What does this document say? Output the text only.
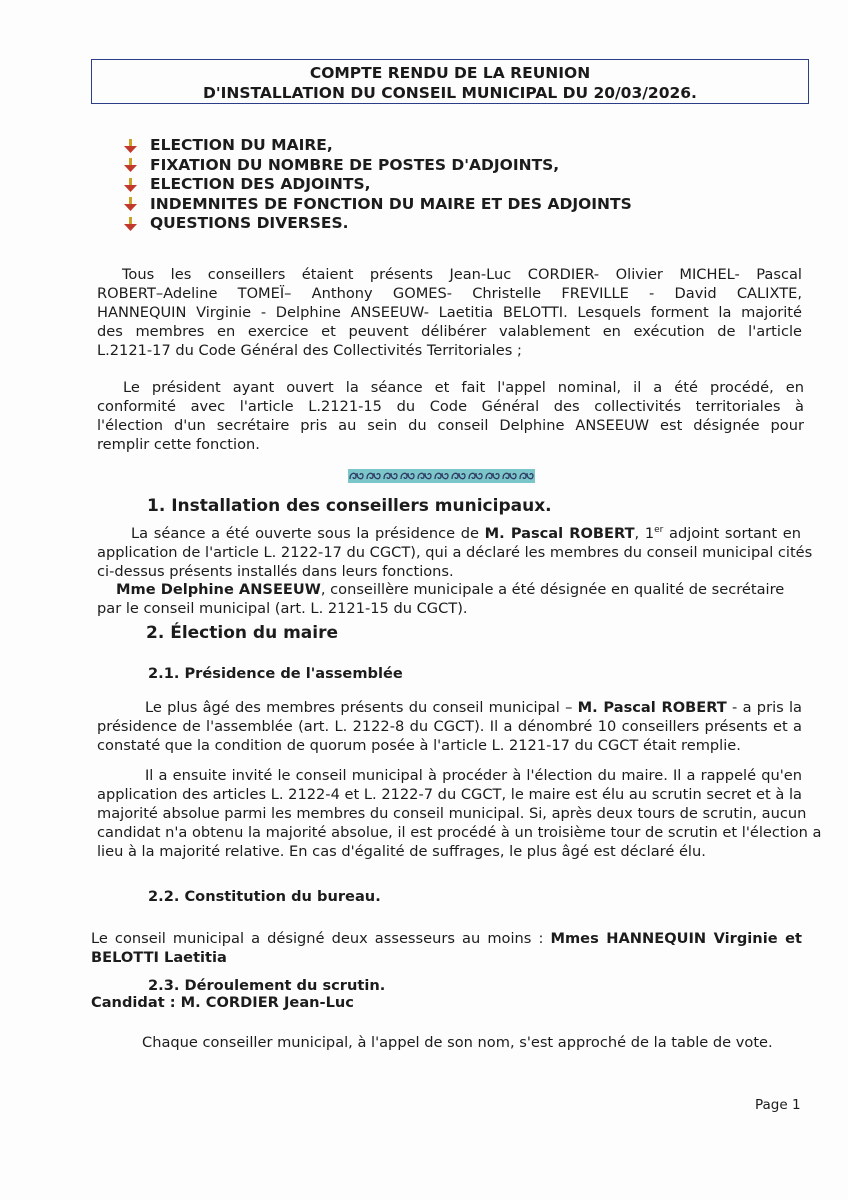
COMPTE RENDU DE LA REUNION
D'INSTALLATION DU CONSEIL MUNICIPAL DU 20/03/2026.
ELECTION DU MAIRE,
FIXATION DU NOMBRE DE POSTES D'ADJOINTS,
ELECTION DES ADJOINTS,
INDEMNITES DE FONCTION DU MAIRE ET DES ADJOINTS
QUESTIONS DIVERSES.
Tous les conseillers étaient présents Jean-Luc CORDIER- Olivier MICHEL- Pascal
ROBERT–Adeline TOMEÏ– Anthony GOMES- Christelle FREVILLE - David CALIXTE,
HANNEQUIN Virginie - Delphine ANSEEUW- Laetitia BELOTTI. Lesquels forment la majorité
des membres en exercice et peuvent délibérer valablement en exécution de l'article
L.2121-17 du Code Général des Collectivités Territoriales ;
Le président ayant ouvert la séance et fait l'appel nominal, il a été procédé, en
conformité avec l'article L.2121-15 du Code Général des collectivités territoriales à
l'élection d'un secrétaire pris au sein du conseil Delphine ANSEEUW est désignée pour
remplir cette fonction.
1. Installation des conseillers municipaux.
La séance a été ouverte sous la présidence de M. Pascal ROBERT, 1er adjoint sortant en
application de l'article L. 2122-17 du CGCT), qui a déclaré les membres du conseil municipal cités
ci-dessus présents installés dans leurs fonctions.
Mme Delphine ANSEEUW, conseillère municipale a été désignée en qualité de secrétaire
par le conseil municipal (art. L. 2121-15 du CGCT).
2. Élection du maire
2.1. Présidence de l'assemblée
Le plus âgé des membres présents du conseil municipal – M. Pascal ROBERT - a pris la
présidence de l'assemblée (art. L. 2122-8 du CGCT). Il a dénombré 10 conseillers présents et a
constaté que la condition de quorum posée à l'article L. 2121-17 du CGCT était remplie.
Il a ensuite invité le conseil municipal à procéder à l'élection du maire. Il a rappelé qu'en
application des articles L. 2122-4 et L. 2122-7 du CGCT, le maire est élu au scrutin secret et à la
majorité absolue parmi les membres du conseil municipal. Si, après deux tours de scrutin, aucun
candidat n'a obtenu la majorité absolue, il est procédé à un troisième tour de scrutin et l'élection a
lieu à la majorité relative. En cas d'égalité de suffrages, le plus âgé est déclaré élu.
2.2. Constitution du bureau.
Le conseil municipal a désigné deux assesseurs au moins : Mmes HANNEQUIN Virginie et
BELOTTI Laetitia
2.3. Déroulement du scrutin.
Candidat : M. CORDIER Jean-Luc
Chaque conseiller municipal, à l'appel de son nom, s'est approché de la table de vote.
Page 1
